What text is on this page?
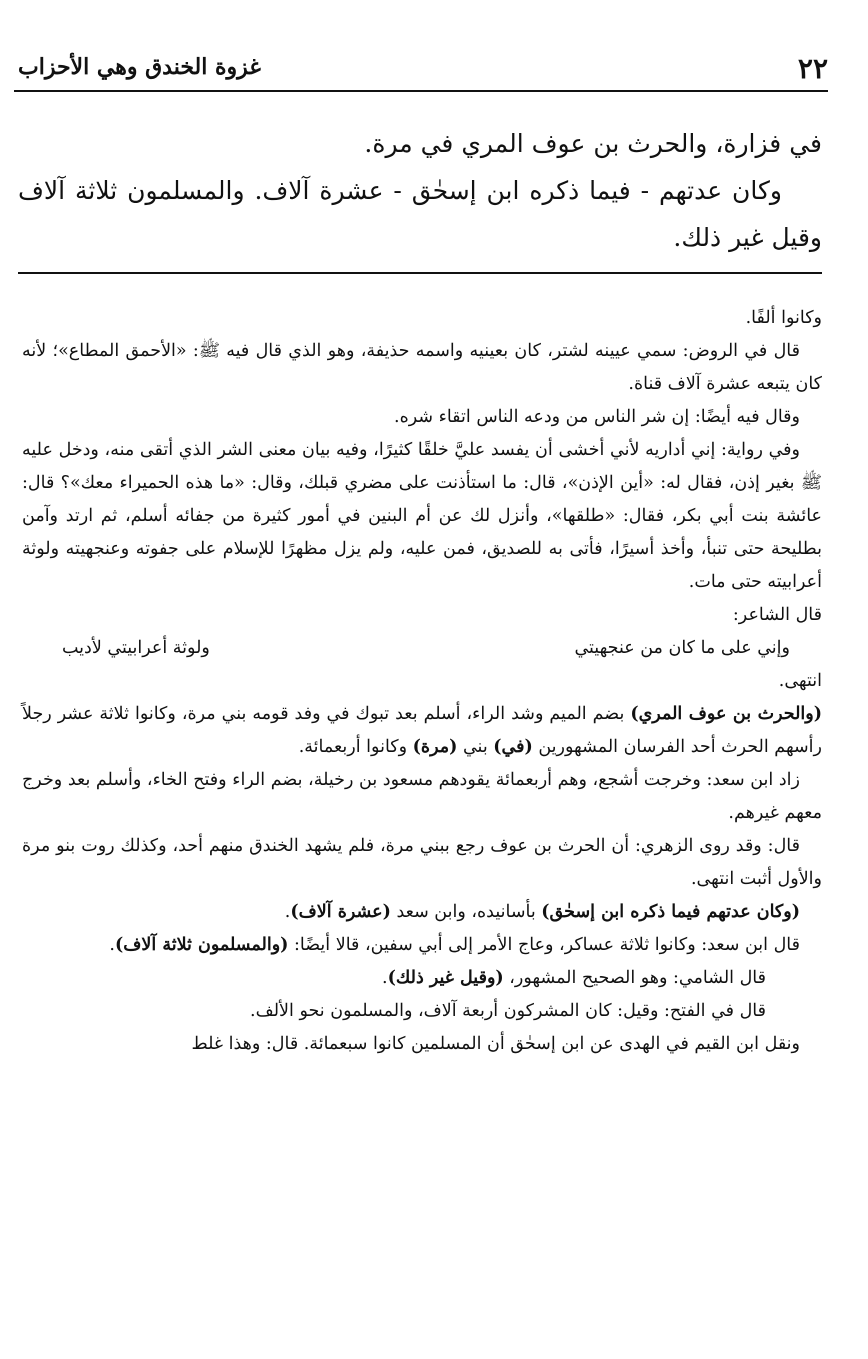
٢٢
غزوة الخندق وهي الأحزاب

في فزارة، والحرث بن عوف المري في مرة.

وكان عدتهم - فيما ذكره ابن إسحٰق - عشرة آلاف. والمسلمون ثلاثة آلاف وقيل غير ذلك.

وكانوا ألفًا.

قال في الروض: سمي عيينه لشتر، كان بعينيه واسمه حذيفة، وهو الذي قال فيه ﷺ: «الأحمق المطاع»؛ لأنه كان يتبعه عشرة آلاف قناة.

وقال فيه أيضًا: إن شر الناس من ودعه الناس اتقاء شره.

وفي رواية: إني أداريه لأني أخشى أن يفسد عليَّ خلقًا كثيرًا، وفيه بيان معنى الشر الذي أتقى منه، ودخل عليه ﷺ بغير إذن، فقال له: «أين الإذن»، قال: ما استأذنت على مضري قبلك، وقال: «ما هذه الحميراء معك»؟ قال: عائشة بنت أبي بكر، فقال: «طلقها»، وأنزل لك عن أم البنين في أمور كثيرة من جفائه أسلم، ثم ارتد وآمن بطليحة حتى تنبأ، وأخذ أسيرًا، فأتى به للصديق، فمن عليه، ولم يزل مظهرًا للإسلام على جفوته وعنجهيته ولوثة أعرابيته حتى مات.

قال الشاعر:

وإني على ما كان من عنجهيتي
ولوثة أعرابيتي لأديب

انتهى.

(والحرث بن عوف المري) بضم الميم وشد الراء، أسلم بعد تبوك في وفد قومه بني مرة، وكانوا ثلاثة عشر رجلاً رأسهم الحرث أحد الفرسان المشهورين (في) بني (مرة) وكانوا أربعمائة.

زاد ابن سعد: وخرجت أشجع، وهم أربعمائة يقودهم مسعود بن رخيلة، بضم الراء وفتح الخاء، وأسلم بعد وخرج معهم غيرهم.

قال: وقد روى الزهري: أن الحرث بن عوف رجع ببني مرة، فلم يشهد الخندق منهم أحد، وكذلك روت بنو مرة والأول أثبت انتهى.

(وكان عدتهم فيما ذكره ابن إسحٰق) بأسانيده، وابن سعد (عشرة آلاف).

قال ابن سعد: وكانوا ثلاثة عساكر، وعاج الأمر إلى أبي سفين، قالا أيضًا: (والمسلمون ثلاثة آلاف).

قال الشامي: وهو الصحيح المشهور، (وقيل غير ذلك).

قال في الفتح: وقيل: كان المشركون أربعة آلاف، والمسلمون نحو الألف.

ونقل ابن القيم في الهدى عن ابن إسحٰق أن المسلمين كانوا سبعمائة. قال: وهذا غلط
